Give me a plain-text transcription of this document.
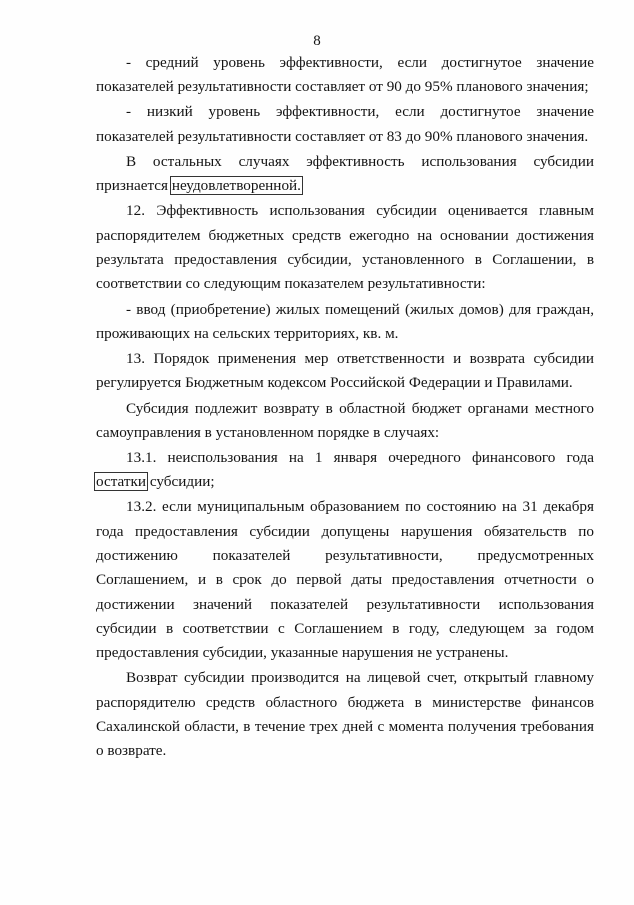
8

- средний уровень эффективности, если достигнутое значение показателей результативности составляет от 90 до 95% планового значения;

- низкий уровень эффективности, если достигнутое значение показателей результативности составляет от 83 до 90% планового значения.

В остальных случаях эффективность использования субсидии признается неудовлетворенной.

12. Эффективность использования субсидии оценивается главным распорядителем бюджетных средств ежегодно на основании достижения результата предоставления субсидии, установленного в Соглашении, в соответствии со следующим показателем результативности:

- ввод (приобретение) жилых помещений (жилых домов) для граждан, проживающих на сельских территориях, кв. м.

13. Порядок применения мер ответственности и возврата субсидии регулируется Бюджетным кодексом Российской Федерации и Правилами.

Субсидия подлежит возврату в областной бюджет органами местного самоуправления в установленном порядке в случаях:

13.1. неиспользования на 1 января очередного финансового года остатки субсидии;

13.2. если муниципальным образованием по состоянию на 31 декабря года предоставления субсидии допущены нарушения обязательств по достижению показателей результативности, предусмотренных Соглашением, и в срок до первой даты предоставления отчетности о достижении значений показателей результативности использования субсидии в соответствии с Соглашением в году, следующем за годом предоставления субсидии, указанные нарушения не устранены.

Возврат субсидии производится на лицевой счет, открытый главному распорядителю средств областного бюджета в министерстве финансов Сахалинской области, в течение трех дней с момента получения требования о возврате.
